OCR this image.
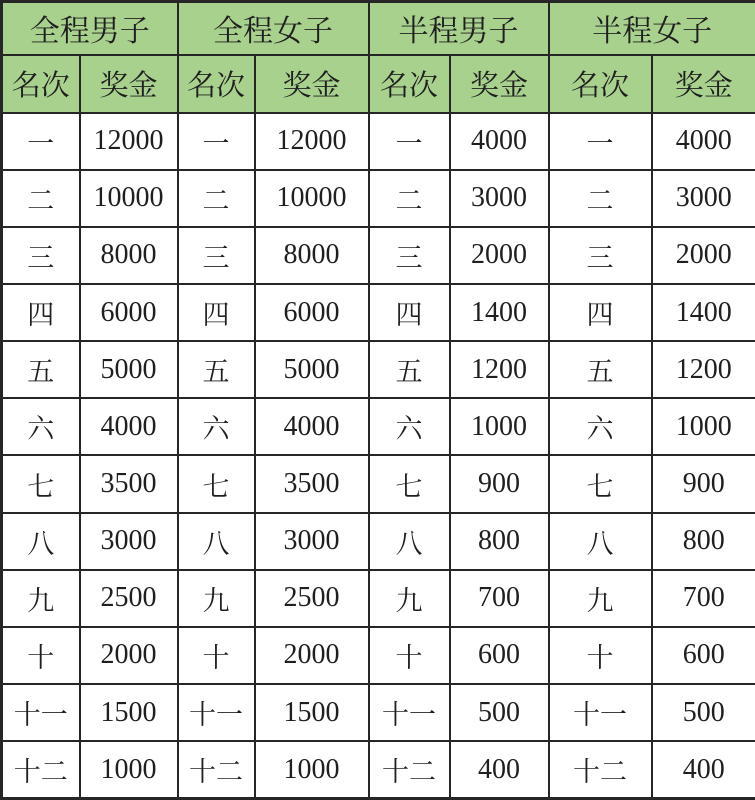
全程男子		全程女子		半程男子		半程女子	
名次	奖金	名次	奖金	名次	奖金	名次	奖金
一	12000	一	12000	一	4000	一	4000
二	10000	二	10000	二	3000	二	3000
三	8000	三	8000	三	2000	三	2000
四	6000	四	6000	四	1400	四	1400
五	5000	五	5000	五	1200	五	1200
六	4000	六	4000	六	1000	六	1000
七	3500	七	3500	七	900	七	900
八	3000	八	3000	八	800	八	800
九	2500	九	2500	九	700	九	700
十	2000	十	2000	十	600	十	600
十一	1500	十一	1500	十一	500	十一	500
十二	1000	十二	1000	十二	400	十二	400
